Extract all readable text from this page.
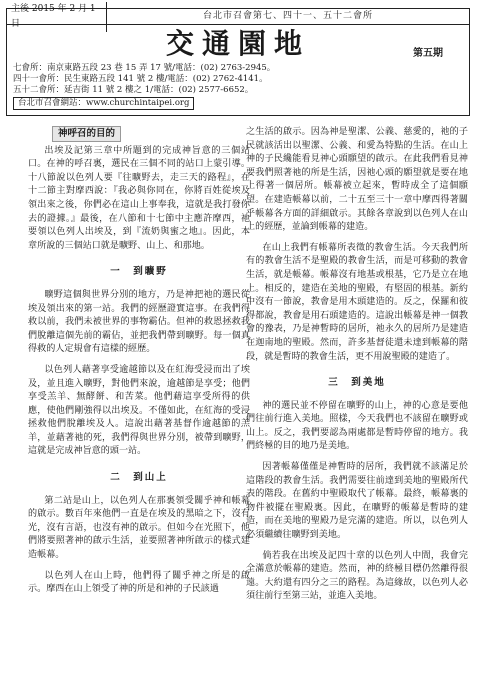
主後 2015 年 2 月 1 日
台北市召會第七、四十一、五十二會所
交通園地	第五期
七會所：南京東路五段 23 巷 15 弄 17 號/電話：(02) 2763-2945。
四十一會所：民生東路五段 141 號 2 樓/電話：(02) 2762-4141。
五十二會所：延吉街 11 號 2 樓之 1/電話：(02) 2577-6652。
台北市召會網站：www.churchintaipei.org
神呼召的目的

出埃及記第三章中所題到的完成神旨意的三個站口。在神的呼召裏，選民在三個不同的站口上蒙引導。十八節說以色列人要『往曠野去，走三天的路程』，在十二節主對摩西說：『我必與你同在，你將百姓從埃及領出來之後，你們必在這山上事奉我，這就是我打發你去的證據。』最後，在八節和十七節中主應許摩西，祂要領以色列人出埃及，到『流奶與蜜之地』。因此，本章所說的三個站口就是曠野、山上、和那地。

一　到曠野

曠野這個與世界分別的地方，乃是神把祂的選民從埃及領出來的第一站。我們的經歷證實這事。在我們得救以前，我們未被世界的事物霸佔。但神的救恩拯救我們脫離這個先前的霸佔，並把我們帶到曠野。每一個真得救的人定規會有這樣的經歷。

以色列人藉著享受逾越節以及在紅海受浸而出了埃及，並且進入曠野，對他們來說，逾越節是享受；他們享受羔羊、無酵餅、和苦菜。他們藉這享受所得的供應，使他們剛強得以出埃及。不僅如此，在紅海的受浸拯救他們脫離埃及人。這說出藉著基督作逾越節的羔羊，並藉著祂的死，我們得與世界分別，被帶到曠野，這就是完成神旨意的頭一站。

二　到山上

第二站是山上，以色列人在那裏領受關乎神和帳幕的啟示。數百年來他們一直是在埃及的黑暗之下，沒有光，沒有言語，也沒有神的啟示。但如今在光照下，他們將要照著神的啟示生活，並要照著神所啟示的樣式建造帳幕。

以色列人在山上時，他們得了關乎神之所是的啟示。摩西在山上領受了神的所是和神的子民該過

之生活的啟示。因為神是聖潔、公義、慈愛的，祂的子民就該活出以聖潔、公義、和愛為特點的生活。在山上神的子民纔能看見神心頭願望的啟示。在此我們看見神要我們照著祂的所是生活，因祂心頭的願望就是要在地上得著一個居所。帳幕被立起來，暫時成全了這個願望。在建造帳幕以前，二十五至三十一章中摩西得著關乎帳幕各方面的詳細啟示。其餘各章說到以色列人在山上的經歷，並論到帳幕的建造。

在山上我們有帳幕所表徵的教會生活。今天我們所有的教會生活不是聖殿的教會生活，而是可移動的教會生活，就是帳幕。帳幕沒有地基或根基，它乃是立在地上。相反的，建造在美地的聖殿，有堅固的根基。新約中沒有一節說，教會是用木頭建造的。反之，保羅和彼得都說，教會是用石頭建造的。這說出帳幕是神一個教會的豫表，乃是神暫時的居所，祂永久的居所乃是建造在迦南地的聖殿。然而，許多基督徒還未達到帳幕的階段，就是暫時的教會生活，更不用說聖殿的建造了。

三　到美地

神的選民並不停留在曠野的山上，神的心意是要他們往前行進入美地。照樣，今天我們也不該留在曠野或山上。反之，我們要認為兩處都是暫時停留的地方。我們終極的目的地乃是美地。

因著帳幕僅僅是神暫時的居所，我們就不該滿足於這階段的教會生活。我們需要往前達到美地的聖殿所代表的階段。在舊約中聖殿取代了帳幕。最終，帳幕裏的物件被擺在聖殿裏。因此，在曠野的帳幕是暫時的建造，而在美地的聖殿乃是完滿的建造。所以，以色列人必須繼續往曠野到美地。

倘若我在出埃及記四十章的以色列人中間，我會完全滿意於帳幕的建造。然而，神的終極目標仍然離得很遠。大約還有四分之三的路程。為這緣故，以色列人必須往前行至第三站，並進入美地。
